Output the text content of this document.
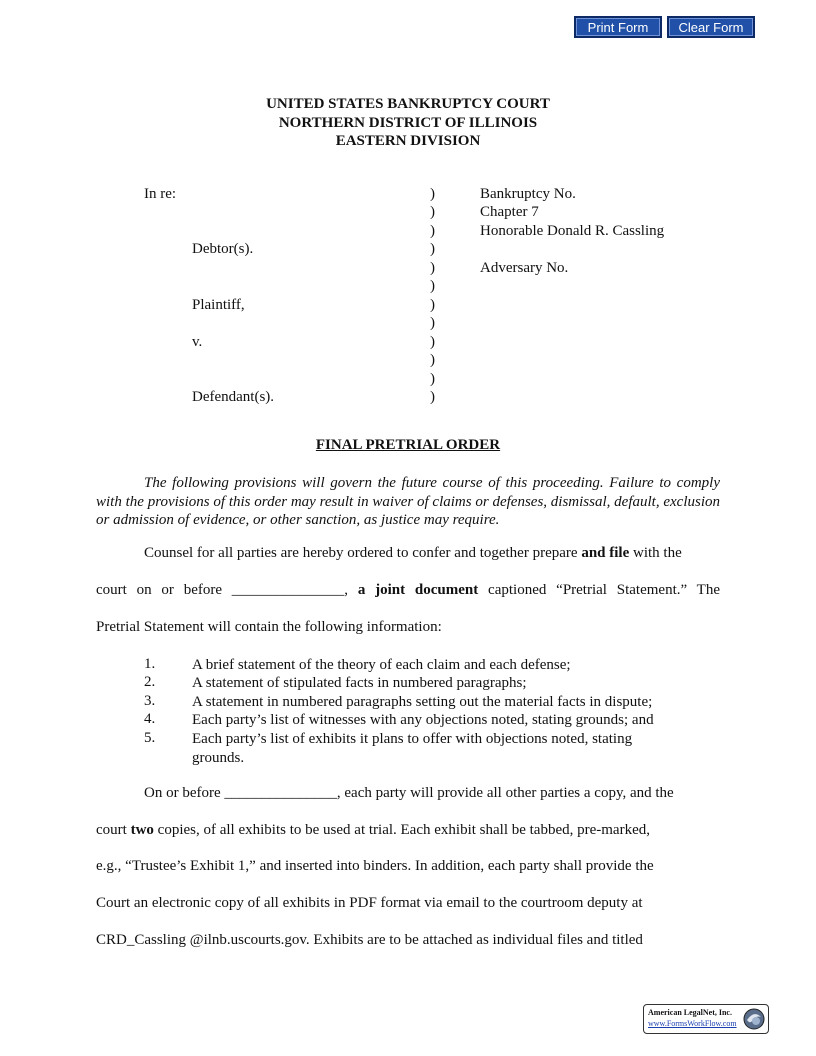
Print Form	Clear Form
UNITED STATES BANKRUPTCY COURT
NORTHERN DISTRICT OF ILLINOIS
EASTERN DIVISION
In re:
Debtor(s).
Plaintiff,
v.
Defendant(s).
)
)
)
)
)
)
)
)
)
)
)
)
Bankruptcy No.
Chapter 7
Honorable Donald R. Cassling
Adversary No.
FINAL PRETRIAL ORDER
The following provisions will govern the future course of this proceeding. Failure to comply with the provisions of this order may result in waiver of claims or defenses, dismissal, default, exclusion or admission of evidence, or other sanction, as justice may require.
Counsel for all parties are hereby ordered to confer and together prepare and file with the
court on or before _______________, a joint document captioned “Pretrial Statement.” The
Pretrial Statement will contain the following information:
1. A brief statement of the theory of each claim and each defense;
2. A statement of stipulated facts in numbered paragraphs;
3. A statement in numbered paragraphs setting out the material facts in dispute;
4. Each party’s list of witnesses with any objections noted, stating grounds; and
5. Each party’s list of exhibits it plans to offer with objections noted, stating grounds.
On or before _______________, each party will provide all other parties a copy, and the
court two copies, of all exhibits to be used at trial. Each exhibit shall be tabbed, pre-marked,
e.g., “Trustee’s Exhibit 1,” and inserted into binders. In addition, each party shall provide the
Court an electronic copy of all exhibits in PDF format via email to the courtroom deputy at
CRD_Cassling @ilnb.uscourts.gov. Exhibits are to be attached as individual files and titled
American LegalNet, Inc.
www.FormsWorkFlow.com
